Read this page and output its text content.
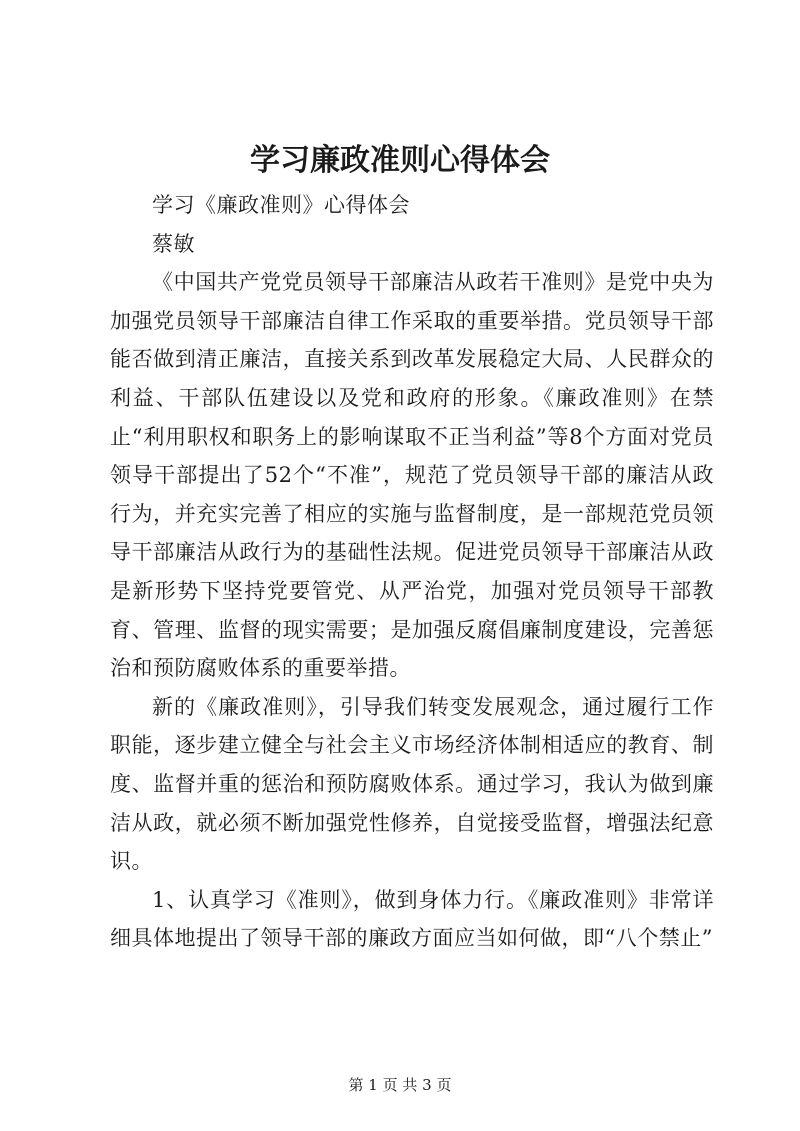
学习廉政准则心得体会

学习《廉政准则》心得体会

蔡敏

《中国共产党党员领导干部廉洁从政若干准则》是党中央为加强党员领导干部廉洁自律工作采取的重要举措。党员领导干部能否做到清正廉洁，直接关系到改革发展稳定大局、人民群众的利益、干部队伍建设以及党和政府的形象。《廉政准则》在禁止“利用职权和职务上的影响谋取不正当利益”等8个方面对党员领导干部提出了52个“不准”，规范了党员领导干部的廉洁从政行为，并充实完善了相应的实施与监督制度，是一部规范党员领导干部廉洁从政行为的基础性法规。促进党员领导干部廉洁从政是新形势下坚持党要管党、从严治党，加强对党员领导干部教育、管理、监督的现实需要；是加强反腐倡廉制度建设，完善惩治和预防腐败体系的重要举措。

新的《廉政准则》，引导我们转变发展观念，通过履行工作职能，逐步建立健全与社会主义市场经济体制相适应的教育、制度、监督并重的惩治和预防腐败体系。通过学习，我认为做到廉洁从政，就必须不断加强党性修养，自觉接受监督，增强法纪意识。

1、认真学习《准则》，做到身体力行。《廉政准则》非常详细具体地提出了领导干部的廉政方面应当如何做，即“八个禁止”

第 1 页 共 3 页
